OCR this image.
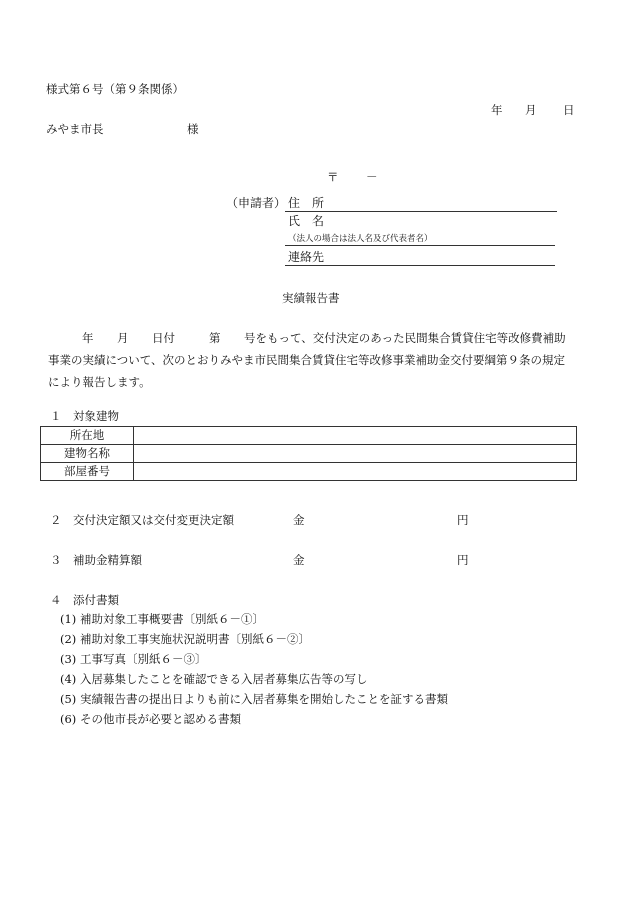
様式第６号（第９条関係）
年 月 日
みやま市長	様
〒 －
（申請者） 住　所
氏　名
（法人の場合は法人名及び代表者名）
連絡先
実績報告書
年 月 日付	第 号をもって、交付決定のあった民間集合賃貸住宅等改修費補助
事業の実績について、次のとおりみやま市民間集合賃貸住宅等改修事業補助金交付要綱第９条の規定
により報告します。
１　対象建物
所在地	
建物名称	
部屋番号	
２　交付決定額又は交付変更決定額	金	円
３　補助金精算額	金	円
４　添付書類
(1) 補助対象工事概要書〔別紙６－①〕
(2) 補助対象工事実施状況説明書〔別紙６－②〕
(3) 工事写真〔別紙６－③〕
(4) 入居募集したことを確認できる入居者募集広告等の写し
(5) 実績報告書の提出日よりも前に入居者募集を開始したことを証する書類
(6) その他市長が必要と認める書類
